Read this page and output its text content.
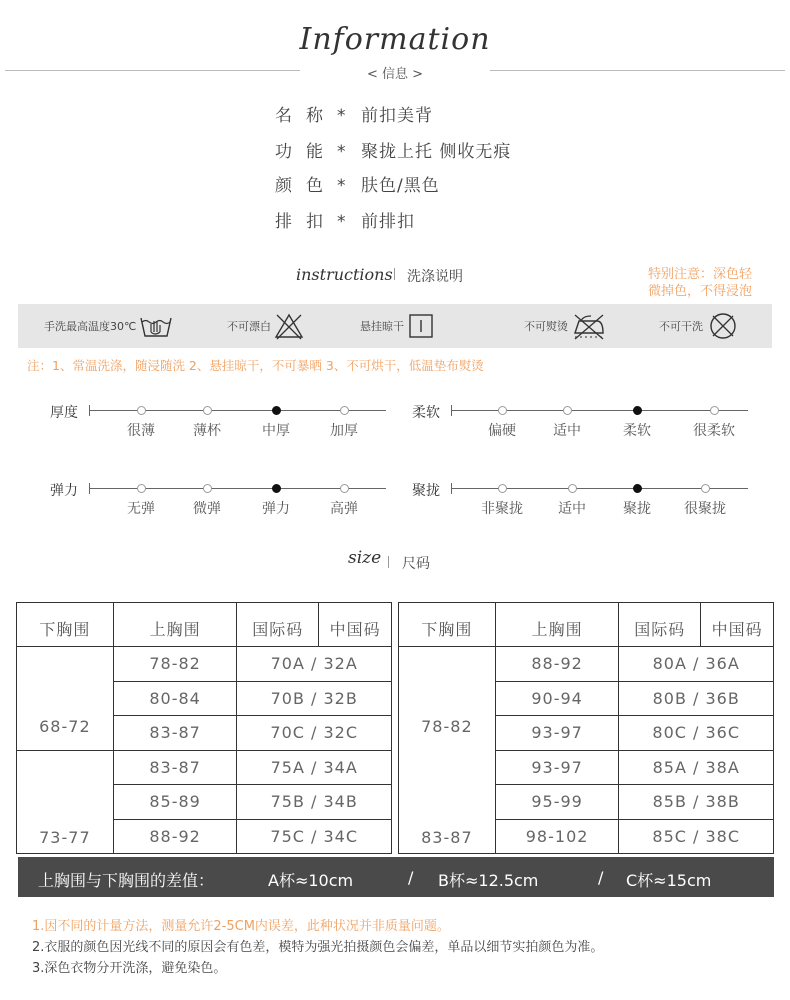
Information
< 信息 >
名称*前扣美背
功能*聚拢上托 侧收无痕
颜色*肤色/黑色
排扣*前排扣
instructions 洗涤说明	特别注意：深色轻
微掉色，不得浸泡
手洗最高温度30℃	不可漂白	悬挂晾干	不可熨烫	不可干洗
注：1、常温洗涤，随浸随洗 2、悬挂晾干，不可暴晒 3、不可烘干，低温垫布熨烫
厚度	柔软
弹力	聚拢
很薄	薄杯	中厚	加厚	偏硬	适中	柔软	很柔软
无弹	微弹	弹力	高弹	非聚拢	适中	聚拢	很聚拢
size 尺码
下胸围	上胸围	国际码	中国码
68-72	78-82	70A / 32A	
	80-84	70B / 32B	
	83-87	70C / 32C	
73-77	83-87	75A / 34A	
	85-89	75B / 34B	
	88-92	75C / 34C	
下胸围	上胸围	国际码	中国码
78-82	88-92	80A / 36A	
	90-94	80B / 36B	
	93-97	80C / 36C	
83-87	93-97	85A / 38A	
	95-99	85B / 38B	
	98-102	85C / 38C	
上胸围与下胸围的差值：	A杯≈10cm	/ B杯≈12.5cm	/ C杯≈15cm
1.因不同的计量方法，测量允许2-5CM内误差，此种状况并非质量问题。
2.衣服的颜色因光线不同的原因会有色差，模特为强光拍摄颜色会偏差，单品以细节实拍颜色为准。
3.深色衣物分开洗涤，避免染色。
